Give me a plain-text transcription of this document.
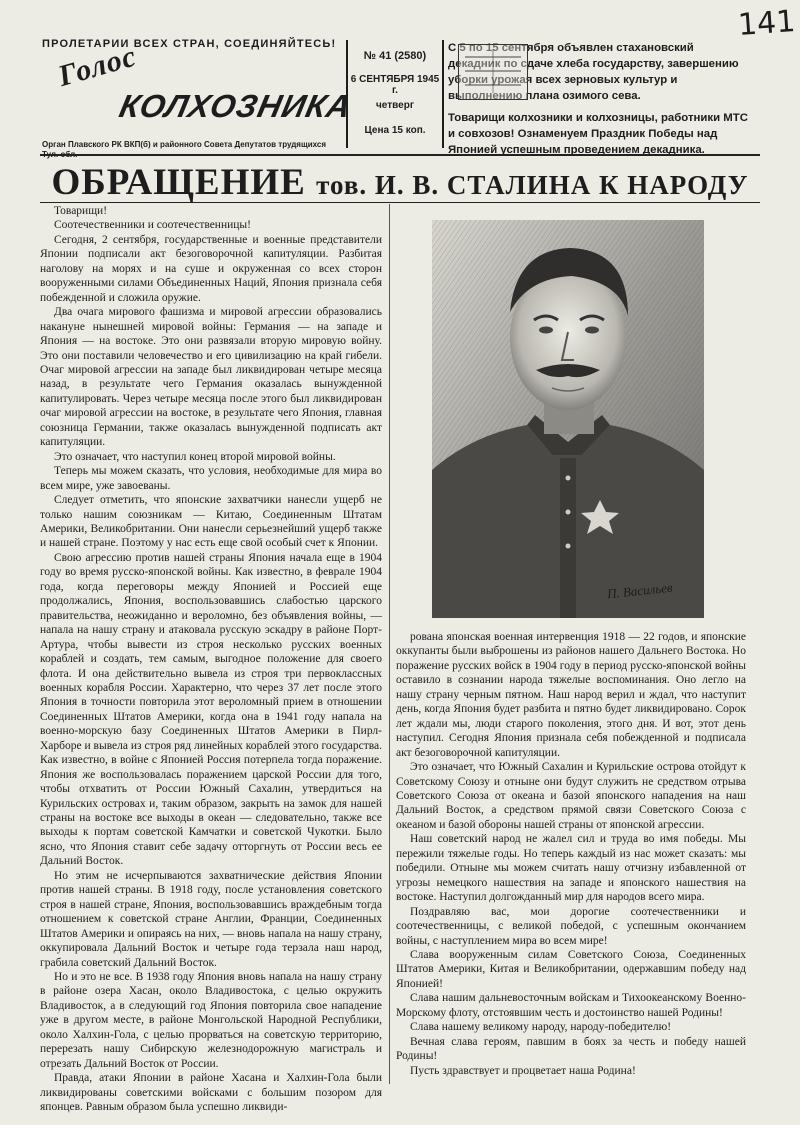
141
ПРОЛЕТАРИИ ВСЕХ СТРАН, СОЕДИНЯЙТЕСЬ!
Голос
КОЛХОЗНИКА
Орган Плавского РК ВКП(б) и районного Совета Депутатов трудящихся Тул. обл.
№ 41 (2580)
6 СЕНТЯБРЯ 1945 г.
четверг
Цена 15 коп.

С 5 по 15 сентября объявлен стахановский декадник по сдаче хлеба государству, завершению уборки урожая всех зерновых культур и выполнению плана озимого сева.

Товарищи колхозники и колхозницы, работники МТС и совхозов! Ознаменуем Праздник Победы над Японией успешным проведением декадника.

ОБРАЩЕНИЕ тов. И. В. СТАЛИНА К НАРОДУ

Товарищи!

Соотечественники и соотечественницы!

Сегодня, 2 сентября, государственные и военные представители Японии подписали акт безоговорочной капитуляции. Разбитая наголову на морях и на суше и окруженная со всех сторон вооруженными силами Объединенных Наций, Япония признала себя побежденной и сложила оружие.

Два очага мирового фашизма и мировой агрессии образовались накануне нынешней мировой войны: Германия — на западе и Япония — на востоке. Это они развязали вторую мировую войну. Это они поставили человечество и его цивилизацию на край гибели. Очаг мировой агрессии на западе был ликвидирован четыре месяца назад, в результате чего Германия оказалась вынужденной капитулировать. Через четыре месяца после этого был ликвидирован очаг мировой агрессии на востоке, в результате чего Япония, главная союзница Германии, также оказалась вынужденной подписать акт капитуляции.

Это означает, что наступил конец второй мировой войны.

Теперь мы можем сказать, что условия, необходимые для мира во всем мире, уже завоеваны.

Следует отметить, что японские захватчики нанесли ущерб не только нашим союзникам — Китаю, Соединенным Штатам Америки, Великобритании. Они нанесли серьезнейший ущерб также и нашей стране. Поэтому у нас есть еще свой особый счет к Японии.

Свою агрессию против нашей страны Япония начала еще в 1904 году во время русско-японской войны. Как известно, в феврале 1904 года, когда переговоры между Японией и Россией еще продолжались, Япония, воспользовавшись слабостью царского правительства, неожиданно и вероломно, без объявления войны, — напала на нашу страну и атаковала русскую эскадру в районе Порт-Артура, чтобы вывести из строя несколько русских военных кораблей и создать, тем самым, выгодное положение для своего флота. И она действительно вывела из строя три первоклассных военных корабля России. Характерно, что через 37 лет после этого Япония в точности повторила этот вероломный прием в отношении Соединенных Штатов Америки, когда она в 1941 году напала на военно-морскую базу Соединенных Штатов Америки в Пирл-Харборе и вывела из строя ряд линейных кораблей этого государства. Как известно, в войне с Японией Россия потерпела тогда поражение. Япония же воспользовалась поражением царской России для того, чтобы отхватить от России Южный Сахалин, утвердиться на Курильских островах и, таким образом, закрыть на замок для нашей страны на востоке все выходы в океан — следовательно, также все выходы к портам советской Камчатки и советской Чукотки. Было ясно, что Япония ставит себе задачу отторгнуть от России весь ее Дальний Восток.

Но этим не исчерпываются захватнические действия Японии против нашей страны. В 1918 году, после установления советского строя в нашей стране, Япония, воспользовавшись враждебным тогда отношением к советской стране Англии, Франции, Соединенных Штатов Америки и опираясь на них, — вновь напала на нашу страну, оккупировала Дальний Восток и четыре года терзала наш народ, грабила советский Дальний Восток.

Но и это не все. В 1938 году Япония вновь напала на нашу страну в районе озера Хасан, около Владивостока, с целью окружить Владивосток, а в следующий год Япония повторила свое нападение уже в другом месте, в районе Монгольской Народной Республики, около Халхин-Гола, с целью прорваться на советскую территорию, перерезать нашу Сибирскую железнодорожную магистраль и отрезать Дальний Восток от России.

Правда, атаки Японии в районе Хасана и Халхин-Гола были ликвидированы советскими войсками с большим позором для японцев. Равным образом была успешно ликвиди-

П. Васильев

рована японская военная интервенция 1918 — 22 годов, и японские оккупанты были выброшены из районов нашего Дальнего Востока. Но поражение русских войск в 1904 году в период русско-японской войны оставило в сознании народа тяжелые воспоминания. Оно легло на нашу страну черным пятном. Наш народ верил и ждал, что наступит день, когда Япония будет разбита и пятно будет ликвидировано. Сорок лет ждали мы, люди старого поколения, этого дня. И вот, этот день наступил. Сегодня Япония признала себя побежденной и подписала акт безоговорочной капитуляции.

Это означает, что Южный Сахалин и Курильские острова отойдут к Советскому Союзу и отныне они будут служить не средством отрыва Советского Союза от океана и базой японского нападения на наш Дальний Восток, а средством прямой связи Советского Союза с океаном и базой обороны нашей страны от японской агрессии.

Наш советский народ не жалел сил и труда во имя победы. Мы пережили тяжелые годы. Но теперь каждый из нас может сказать: мы победили. Отныне мы можем считать нашу отчизну избавленной от угрозы немецкого нашествия на западе и японского нашествия на востоке. Наступил долгожданный мир для народов всего мира.

Поздравляю вас, мои дорогие соотечественники и соотечественницы, с великой победой, с успешным окончанием войны, с наступлением мира во всем мире!

Слава вооруженным силам Советского Союза, Соединенных Штатов Америки, Китая и Великобритании, одержавшим победу над Японией!

Слава нашим дальневосточным войскам и Тихоокеанскому Военно-Морскому флоту, отстоявшим честь и достоинство нашей Родины!

Слава нашему великому народу, народу-победителю!

Вечная слава героям, павшим в боях за честь и победу нашей Родины!

Пусть здравствует и процветает наша Родина!
